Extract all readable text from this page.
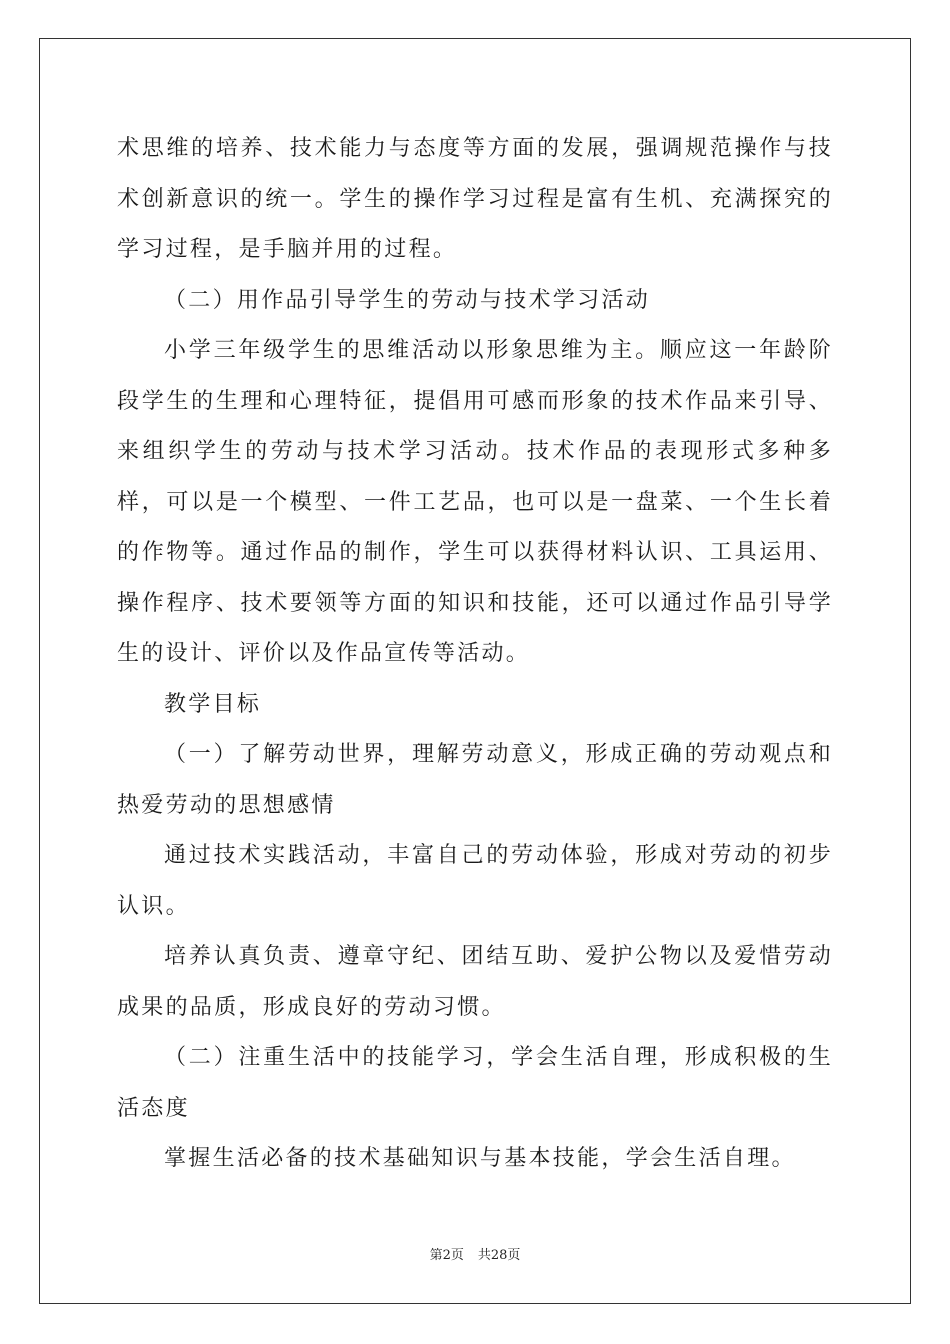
术思维的培养、技术能力与态度等方面的发展，强调规范操作与技术创新意识的统一。学生的操作学习过程是富有生机、充满探究的学习过程，是手脑并用的过程。

（二）用作品引导学生的劳动与技术学习活动

小学三年级学生的思维活动以形象思维为主。顺应这一年龄阶段学生的生理和心理特征，提倡用可感而形象的技术作品来引导、来组织学生的劳动与技术学习活动。技术作品的表现形式多种多样，可以是一个模型、一件工艺品，也可以是一盘菜、一个生长着的作物等。通过作品的制作，学生可以获得材料认识、工具运用、操作程序、技术要领等方面的知识和技能，还可以通过作品引导学生的设计、评价以及作品宣传等活动。

教学目标

（一）了解劳动世界，理解劳动意义，形成正确的劳动观点和热爱劳动的思想感情

通过技术实践活动，丰富自己的劳动体验，形成对劳动的初步认识。

培养认真负责、遵章守纪、团结互助、爱护公物以及爱惜劳动成果的品质，形成良好的劳动习惯。

（二）注重生活中的技能学习，学会生活自理，形成积极的生活态度

掌握生活必备的技术基础知识与基本技能，学会生活自理。

第2页 共28页
